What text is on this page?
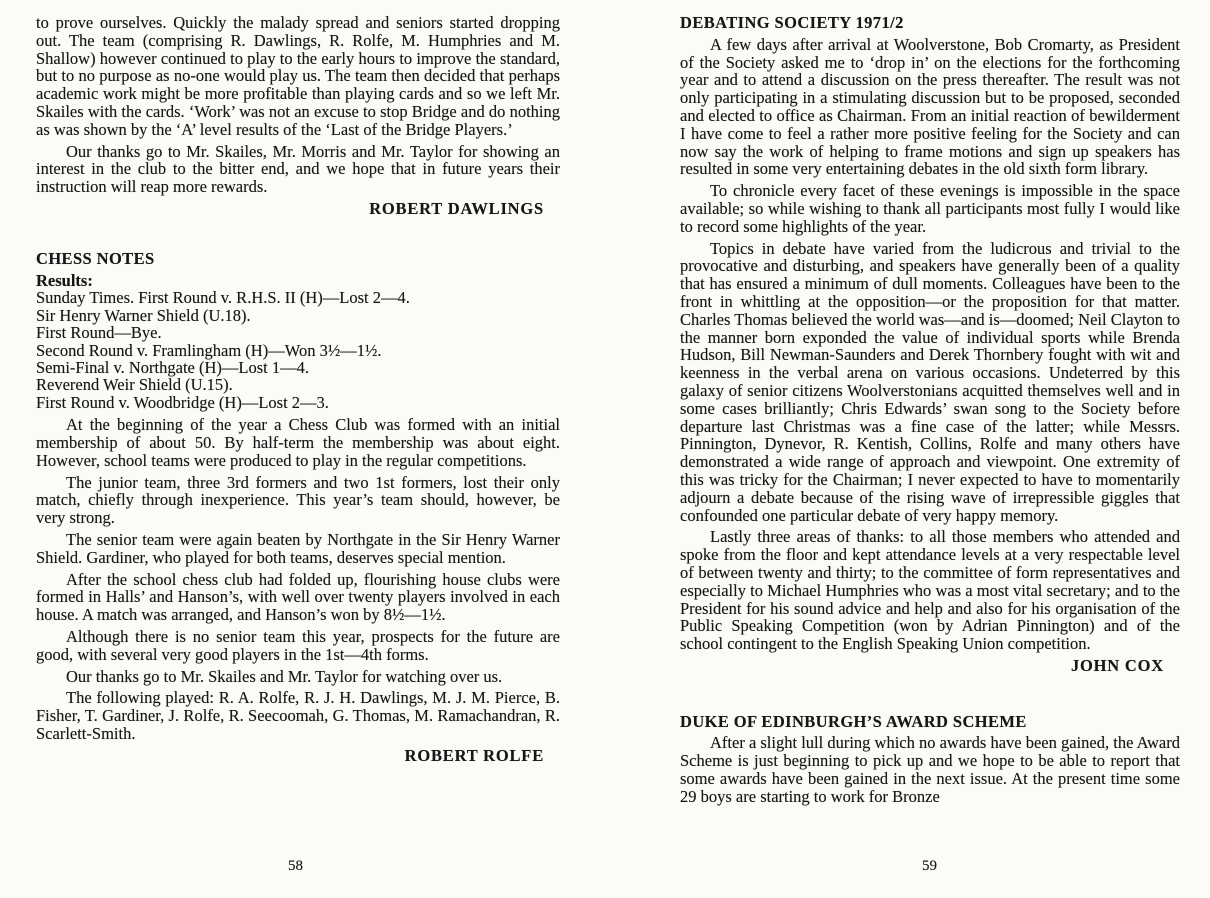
to prove ourselves. Quickly the malady spread and seniors started dropping out. The team (comprising R. Dawlings, R. Rolfe, M. Humphries and M. Shallow) however continued to play to the early hours to improve the standard, but to no purpose as no-one would play us. The team then decided that perhaps academic work might be more profitable than playing cards and so we left Mr. Skailes with the cards. ‘Work’ was not an excuse to stop Bridge and do nothing as was shown by the ‘A’ level results of the ‘Last of the Bridge Players.’

Our thanks go to Mr. Skailes, Mr. Morris and Mr. Taylor for showing an interest in the club to the bitter end, and we hope that in future years their instruction will reap more rewards.

ROBERT DAWLINGS
CHESS NOTES

Results:

Sunday Times. First Round v. R.H.S. II (H)—Lost 2—4.
Sir Henry Warner Shield (U.18).
First Round—Bye.
Second Round v. Framlingham (H)—Won 3½—1½.
Semi-Final v. Northgate (H)—Lost 1—4.
Reverend Weir Shield (U.15).
First Round v. Woodbridge (H)—Lost 2—3.

At the beginning of the year a Chess Club was formed with an initial membership of about 50. By half-term the membership was about eight. However, school teams were produced to play in the regular competitions.

The junior team, three 3rd formers and two 1st formers, lost their only match, chiefly through inexperience. This year’s team should, however, be very strong.

The senior team were again beaten by Northgate in the Sir Henry Warner Shield. Gardiner, who played for both teams, deserves special mention.

After the school chess club had folded up, flourishing house clubs were formed in Halls’ and Hanson’s, with well over twenty players involved in each house. A match was arranged, and Hanson’s won by 8½—1½.

Although there is no senior team this year, prospects for the future are good, with several very good players in the 1st—4th forms.

Our thanks go to Mr. Skailes and Mr. Taylor for watching over us.

The following played: R. A. Rolfe, R. J. H. Dawlings, M. J. M. Pierce, B. Fisher, T. Gardiner, J. Rolfe, R. Seecoomah, G. Thomas, M. Ramachandran, R. Scarlett-Smith.

ROBERT ROLFE
DEBATING SOCIETY 1971/2

A few days after arrival at Woolverstone, Bob Cromarty, as President of the Society asked me to ‘drop in’ on the elections for the forthcoming year and to attend a discussion on the press thereafter. The result was not only participating in a stimulating discussion but to be proposed, seconded and elected to office as Chairman. From an initial reaction of bewilderment I have come to feel a rather more positive feeling for the Society and can now say the work of helping to frame motions and sign up speakers has resulted in some very entertaining debates in the old sixth form library.

To chronicle every facet of these evenings is impossible in the space available; so while wishing to thank all participants most fully I would like to record some highlights of the year.

Topics in debate have varied from the ludicrous and trivial to the provocative and disturbing, and speakers have generally been of a quality that has ensured a minimum of dull moments. Colleagues have been to the front in whittling at the opposition—or the proposition for that matter. Charles Thomas believed the world was—and is—doomed; Neil Clayton to the manner born exponded the value of individual sports while Brenda Hudson, Bill Newman-Saunders and Derek Thornbery fought with wit and keenness in the verbal arena on various occasions. Undeterred by this galaxy of senior citizens Woolverstonians acquitted themselves well and in some cases brilliantly; Chris Edwards’ swan song to the Society before departure last Christmas was a fine case of the latter; while Messrs. Pinnington, Dynevor, R. Kentish, Collins, Rolfe and many others have demonstrated a wide range of approach and viewpoint. One extremity of this was tricky for the Chairman; I never expected to have to momentarily adjourn a debate because of the rising wave of irrepressible giggles that confounded one particular debate of very happy memory.

Lastly three areas of thanks: to all those members who attended and spoke from the floor and kept attendance levels at a very respectable level of between twenty and thirty; to the committee of form representatives and especially to Michael Humphries who was a most vital secretary; and to the President for his sound advice and help and also for his organisation of the Public Speaking Competition (won by Adrian Pinnington) and of the school contingent to the English Speaking Union competition.

JOHN COX
DUKE OF EDINBURGH’S AWARD SCHEME

After a slight lull during which no awards have been gained, the Award Scheme is just beginning to pick up and we hope to be able to report that some awards have been gained in the next issue. At the present time some 29 boys are starting to work for Bronze

58	59
